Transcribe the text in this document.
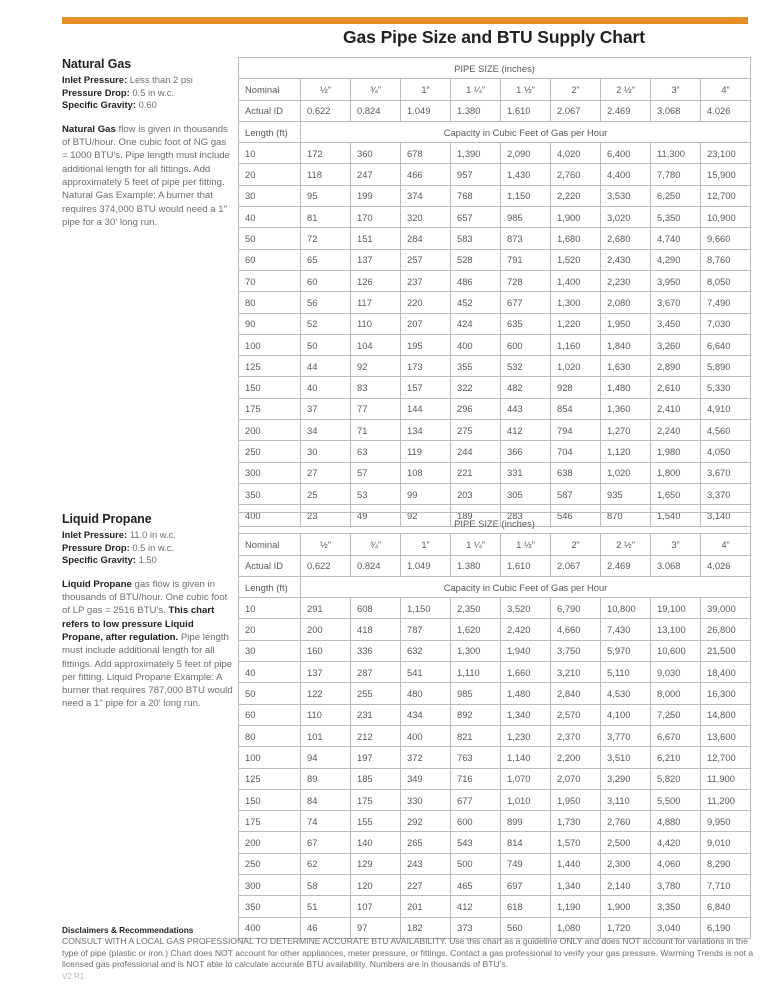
Gas Pipe Size and BTU Supply Chart
Natural Gas
Inlet Pressure: Less than 2 psi
Pressure Drop: 0.5 in w.c.
Specific Gravity: 0.60
Natural Gas flow is given in thousands of BTU/hour. One cubic foot of NG gas = 1000 BTU's. Pipe length must include additional length for all fittings. Add approximately 5 feet of pipe per fitting. Natural Gas Example: A burner that requires 374,000 BTU would need a 1" pipe for a 30' long run.
Liquid Propane
Inlet Pressure: 11.0 in w.c.
Pressure Drop: 0.5 in w.c.
Specific Gravity: 1.50
Liquid Propane gas flow is given in thousands of BTU/hour. One cubic foot of LP gas = 2516 BTU's. This chart refers to low pressure Liquid Propane, after regulation. Pipe length must include additional length for all fittings. Add approximately 5 feet of pipe per fitting. Liquid Propane Example: A burner that requires 787,000 BTU would need a 1" pipe for a 20' long run.
PIPE SIZE (inches)									
Nominal	½”	¾”	1”	1 ¼”	1 ½”	2”	2 ½”	3”	4”
Actual ID	0.622	0.824	1.049	1.380	1.610	2.067	2.469	3.068	4.026
Length (ft)	Capacity in Cubic Feet of Gas per Hour								
10	172	360	678	1,390	2,090	4,020	6,400	11,300	23,100
20	118	247	466	957	1,430	2,760	4,400	7,780	15,900
30	95	199	374	768	1,150	2,220	3,530	6,250	12,700
40	81	170	320	657	985	1,900	3,020	5,350	10,900
50	72	151	284	583	873	1,680	2,680	4,740	9,660
60	65	137	257	528	791	1,520	2,430	4,290	8,760
70	60	126	237	486	728	1,400	2,230	3,950	8,050
80	56	117	220	452	677	1,300	2,080	3,670	7,490
90	52	110	207	424	635	1,220	1,950	3,450	7,030
100	50	104	195	400	600	1,160	1,840	3,260	6,640
125	44	92	173	355	532	1,020	1,630	2,890	5,890
150	40	83	157	322	482	928	1,480	2,610	5,330
175	37	77	144	296	443	854	1,360	2,410	4,910
200	34	71	134	275	412	794	1,270	2,240	4,560
250	30	63	119	244	366	704	1,120	1,980	4,050
300	27	57	108	221	331	638	1,020	1,800	3,670
350	25	53	99	203	305	587	935	1,650	3,370
400	23	49	92	189	283	546	870	1,540	3,140
PIPE SIZE (inches)									
Nominal	½”	¾”	1”	1 ¼”	1 ½”	2”	2 ½”	3”	4”
Actual ID	0.622	0.824	1.049	1.380	1.610	2.067	2.469	3.068	4.026
Length (ft)	Capacity in Cubic Feet of Gas per Hour								
10	291	608	1,150	2,350	3,520	6,790	10,800	19,100	39,000
20	200	418	787	1,620	2,420	4,660	7,430	13,100	26,800
30	160	336	632	1,300	1,940	3,750	5,970	10,600	21,500
40	137	287	541	1,110	1,660	3,210	5,110	9,030	18,400
50	122	255	480	985	1,480	2,840	4,530	8,000	16,300
60	110	231	434	892	1,340	2,570	4,100	7,250	14,800
80	101	212	400	821	1,230	2,370	3,770	6,670	13,600
100	94	197	372	763	1,140	2,200	3,510	6,210	12,700
125	89	185	349	716	1,070	2,070	3,290	5,820	11,900
150	84	175	330	677	1,010	1,950	3,110	5,500	11,200
175	74	155	292	600	899	1,730	2,760	4,880	9,950
200	67	140	265	543	814	1,570	2,500	4,420	9,010
250	62	129	243	500	749	1,440	2,300	4,060	8,290
300	58	120	227	465	697	1,340	2,140	3,780	7,710
350	51	107	201	412	618	1,190	1,900	3,350	6,840
400	46	97	182	373	560	1,080	1,720	3,040	6,190
Disclaimers & Recommendations
CONSULT WITH A LOCAL GAS PROFESSIONAL TO DETERMINE ACCURATE BTU AVAILABILITY. Use this chart as a guideline ONLY and does NOT account for variations in the type of pipe (plastic or iron.) Chart does NOT account for other appliances, meter pressure, or fittings. Contact a gas professional to verify your gas pressure. Warming Trends is not a licensed gas professional and is NOT able to calculate accurate BTU availability. Numbers are in thousands of BTU's.
V2.R1
